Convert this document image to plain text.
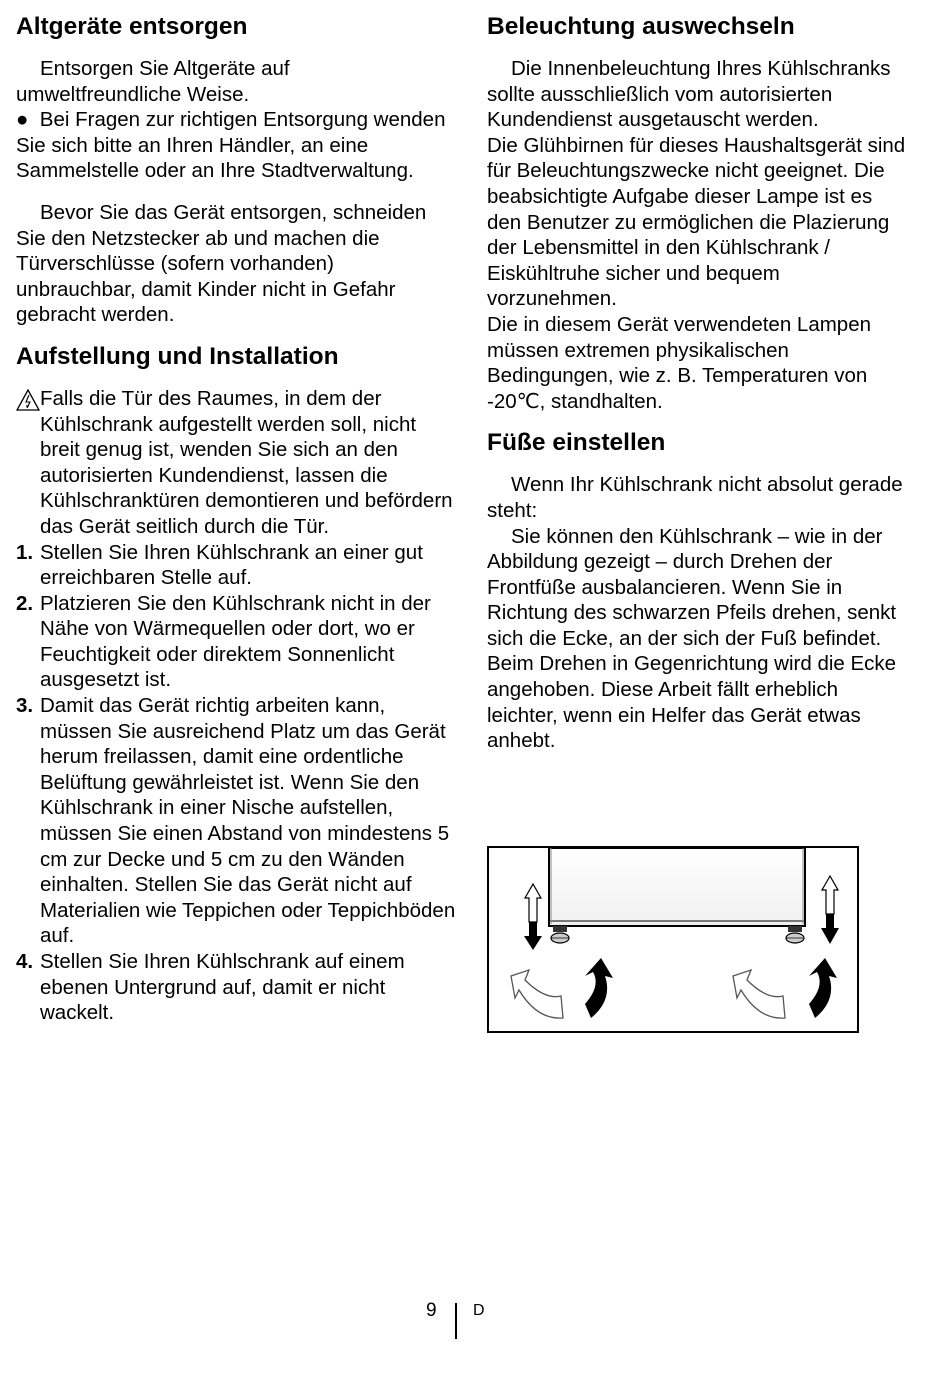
Altgeräte entsorgen

Entsorgen Sie Altgeräte auf umweltfreundliche Weise.

● Bei Fragen zur richtigen Entsorgung wenden Sie sich bitte an Ihren Händler, an eine Sammelstelle oder an Ihre Stadtverwaltung.

Bevor Sie das Gerät entsorgen, schneiden Sie den Netzstecker ab und machen die Türverschlüsse (sofern vorhanden) unbrauchbar, damit Kinder nicht in Gefahr gebracht werden.

Aufstellung und Installation

Falls die Tür des Raumes, in dem der Kühlschrank aufgestellt werden soll, nicht breit genug ist, wenden Sie sich an den autorisierten Kundendienst, lassen die Kühlschranktüren demontieren und befördern das Gerät seitlich durch die Tür.

1. Stellen Sie Ihren Kühlschrank an einer gut erreichbaren Stelle auf.
2. Platzieren Sie den Kühlschrank nicht in der Nähe von Wärmequellen oder dort, wo er Feuchtigkeit oder direktem Sonnenlicht ausgesetzt ist.
3. Damit das Gerät richtig arbeiten kann, müssen Sie ausreichend Platz um das Gerät herum freilassen, damit eine ordentliche Belüftung gewährleistet ist. Wenn Sie den Kühlschrank in einer Nische aufstellen, müssen Sie einen Abstand von mindestens 5 cm zur Decke und 5 cm zu den Wänden einhalten. Stellen Sie das Gerät nicht auf Materialien wie Teppichen oder Teppichböden auf.
4. Stellen Sie Ihren Kühlschrank auf einem ebenen Untergrund auf, damit er nicht wackelt.
Beleuchtung auswechseln

Die Innenbeleuchtung Ihres Kühlschranks sollte ausschließlich vom autorisierten Kundendienst ausgetauscht werden.

Die Glühbirnen für dieses Haushaltsgerät sind für Beleuchtungszwecke nicht geeignet. Die beabsichtigte Aufgabe dieser Lampe ist es den Benutzer zu ermöglichen die Plazierung der Lebensmittel in den Kühlschrank / Eiskühltruhe sicher und bequem vorzunehmen.

Die in diesem Gerät verwendeten Lampen müssen extremen physikalischen Bedingungen, wie z. B. Temperaturen von -20℃, standhalten.

Füße einstellen

Wenn Ihr Kühlschrank nicht absolut gerade steht:

Sie können den Kühlschrank – wie in der Abbildung gezeigt – durch Drehen der Frontfüße ausbalancieren. Wenn Sie in Richtung des schwarzen Pfeils drehen, senkt sich die Ecke, an der sich der Fuß befindet. Beim Drehen in Gegenrichtung wird die Ecke angehoben. Diese Arbeit fällt erheblich leichter, wenn ein Helfer das Gerät etwas anhebt.

9 D
